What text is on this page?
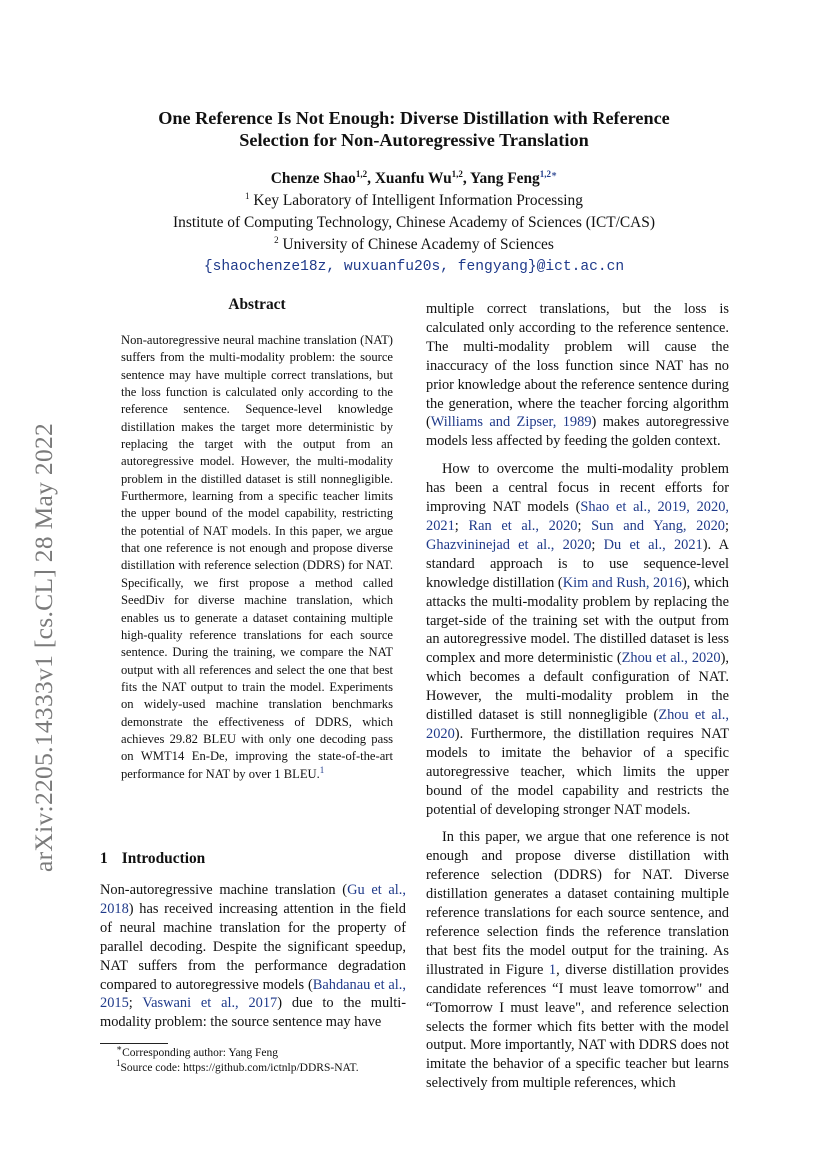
arXiv:2205.14333v1 [cs.CL] 28 May 2022
One Reference Is Not Enough: Diverse Distillation with Reference
Selection for Non-Autoregressive Translation
Chenze Shao$^{1,2}$, Xuanfu Wu$^{1,2}$, Yang Feng$^{1,2∗}$
$^1$ Key Laboratory of Intelligent Information Processing
Institute of Computing Technology, Chinese Academy of Sciences (ICT/CAS)
$^2$ University of Chinese Academy of Sciences
{shaochenze18z, wuxuanfu20s, fengyang}@ict.ac.cn
Abstract
Non-autoregressive neural machine translation (NAT) suffers from the multi-modality problem: the source sentence may have multiple correct translations, but the loss function is calculated only according to the reference sentence. Sequence-level knowledge distillation makes the target more deterministic by replacing the target with the output from an autoregressive model. However, the multi-modality problem in the distilled dataset is still nonnegligible. Furthermore, learning from a specific teacher limits the upper bound of the model capability, restricting the potential of NAT models. In this paper, we argue that one reference is not enough and propose diverse distillation with reference selection (DDRS) for NAT. Specifically, we first propose a method called SeedDiv for diverse machine translation, which enables us to generate a dataset containing multiple high-quality reference translations for each source sentence. During the training, we compare the NAT output with all references and select the one that best fits the NAT output to train the model. Experiments on widely-used machine translation benchmarks demonstrate the effectiveness of DDRS, which achieves 29.82 BLEU with only one decoding pass on WMT14 En-De, improving the state-of-the-art performance for NAT by over 1 BLEU.$^1$
1 Introduction

Non-autoregressive machine translation (Gu et al., 2018) has received increasing attention in the field of neural machine translation for the property of parallel decoding. Despite the significant speedup, NAT suffers from the performance degradation compared to autoregressive models (Bahdanau et al., 2015; Vaswani et al., 2017) due to the multi-modality problem: the source sentence may have

∗Corresponding author: Yang Feng
$^1$Source code: https://github.com/ictnlp/DDRS-NAT.

multiple correct translations, but the loss is calculated only according to the reference sentence. The multi-modality problem will cause the inaccuracy of the loss function since NAT has no prior knowledge about the reference sentence during the generation, where the teacher forcing algorithm (Williams and Zipser, 1989) makes autoregressive models less affected by feeding the golden context.

How to overcome the multi-modality problem has been a central focus in recent efforts for improving NAT models (Shao et al., 2019, 2020, 2021; Ran et al., 2020; Sun and Yang, 2020; Ghazvininejad et al., 2020; Du et al., 2021). A standard approach is to use sequence-level knowledge distillation (Kim and Rush, 2016), which attacks the multi-modality problem by replacing the target-side of the training set with the output from an autoregressive model. The distilled dataset is less complex and more deterministic (Zhou et al., 2020), which becomes a default configuration of NAT. However, the multi-modality problem in the distilled dataset is still nonnegligible (Zhou et al., 2020). Furthermore, the distillation requires NAT models to imitate the behavior of a specific autoregressive teacher, which limits the upper bound of the model capability and restricts the potential of developing stronger NAT models.

In this paper, we argue that one reference is not enough and propose diverse distillation with reference selection (DDRS) for NAT. Diverse distillation generates a dataset containing multiple reference translations for each source sentence, and reference selection finds the reference translation that best fits the model output for the training. As illustrated in Figure 1, diverse distillation provides candidate references “I must leave tomorrow" and “Tomorrow I must leave", and reference selection selects the former which fits better with the model output. More importantly, NAT with DDRS does not imitate the behavior of a specific teacher but learns selectively from multiple references, which
